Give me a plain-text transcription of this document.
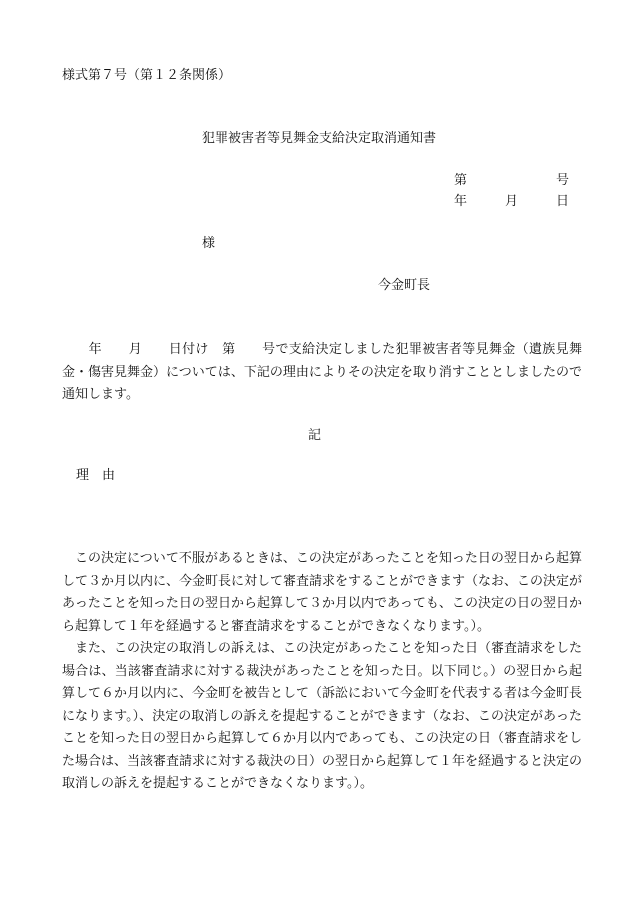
様式第７号（第１２条関係）
犯罪被害者等見舞金支給決定取消通知書
第	号
年	月	日
様
今金町長
　　年　　月　　日付け　第　　号で支給決定しました犯罪被害者等見舞金（遺族見舞金・傷害見舞金）については、下記の理由によりその決定を取り消すこととしましたので通知します。
記
理　由
　この決定について不服があるときは、この決定があったことを知った日の翌日から起算して３か月以内に、今金町長に対して審査請求をすることができます（なお、この決定があったことを知った日の翌日から起算して３か月以内であっても、この決定の日の翌日から起算して１年を経過すると審査請求をすることができなくなります。）。
　また、この決定の取消しの訴えは、この決定があったことを知った日（審査請求をした場合は、当該審査請求に対する裁決があったことを知った日。以下同じ。）の翌日から起算して６か月以内に、今金町を被告として（訴訟において今金町を代表する者は今金町長になります。）、決定の取消しの訴えを提起することができます（なお、この決定があったことを知った日の翌日から起算して６か月以内であっても、この決定の日（審査請求をした場合は、当該審査請求に対する裁決の日）の翌日から起算して１年を経過すると決定の取消しの訴えを提起することができなくなります。）。
